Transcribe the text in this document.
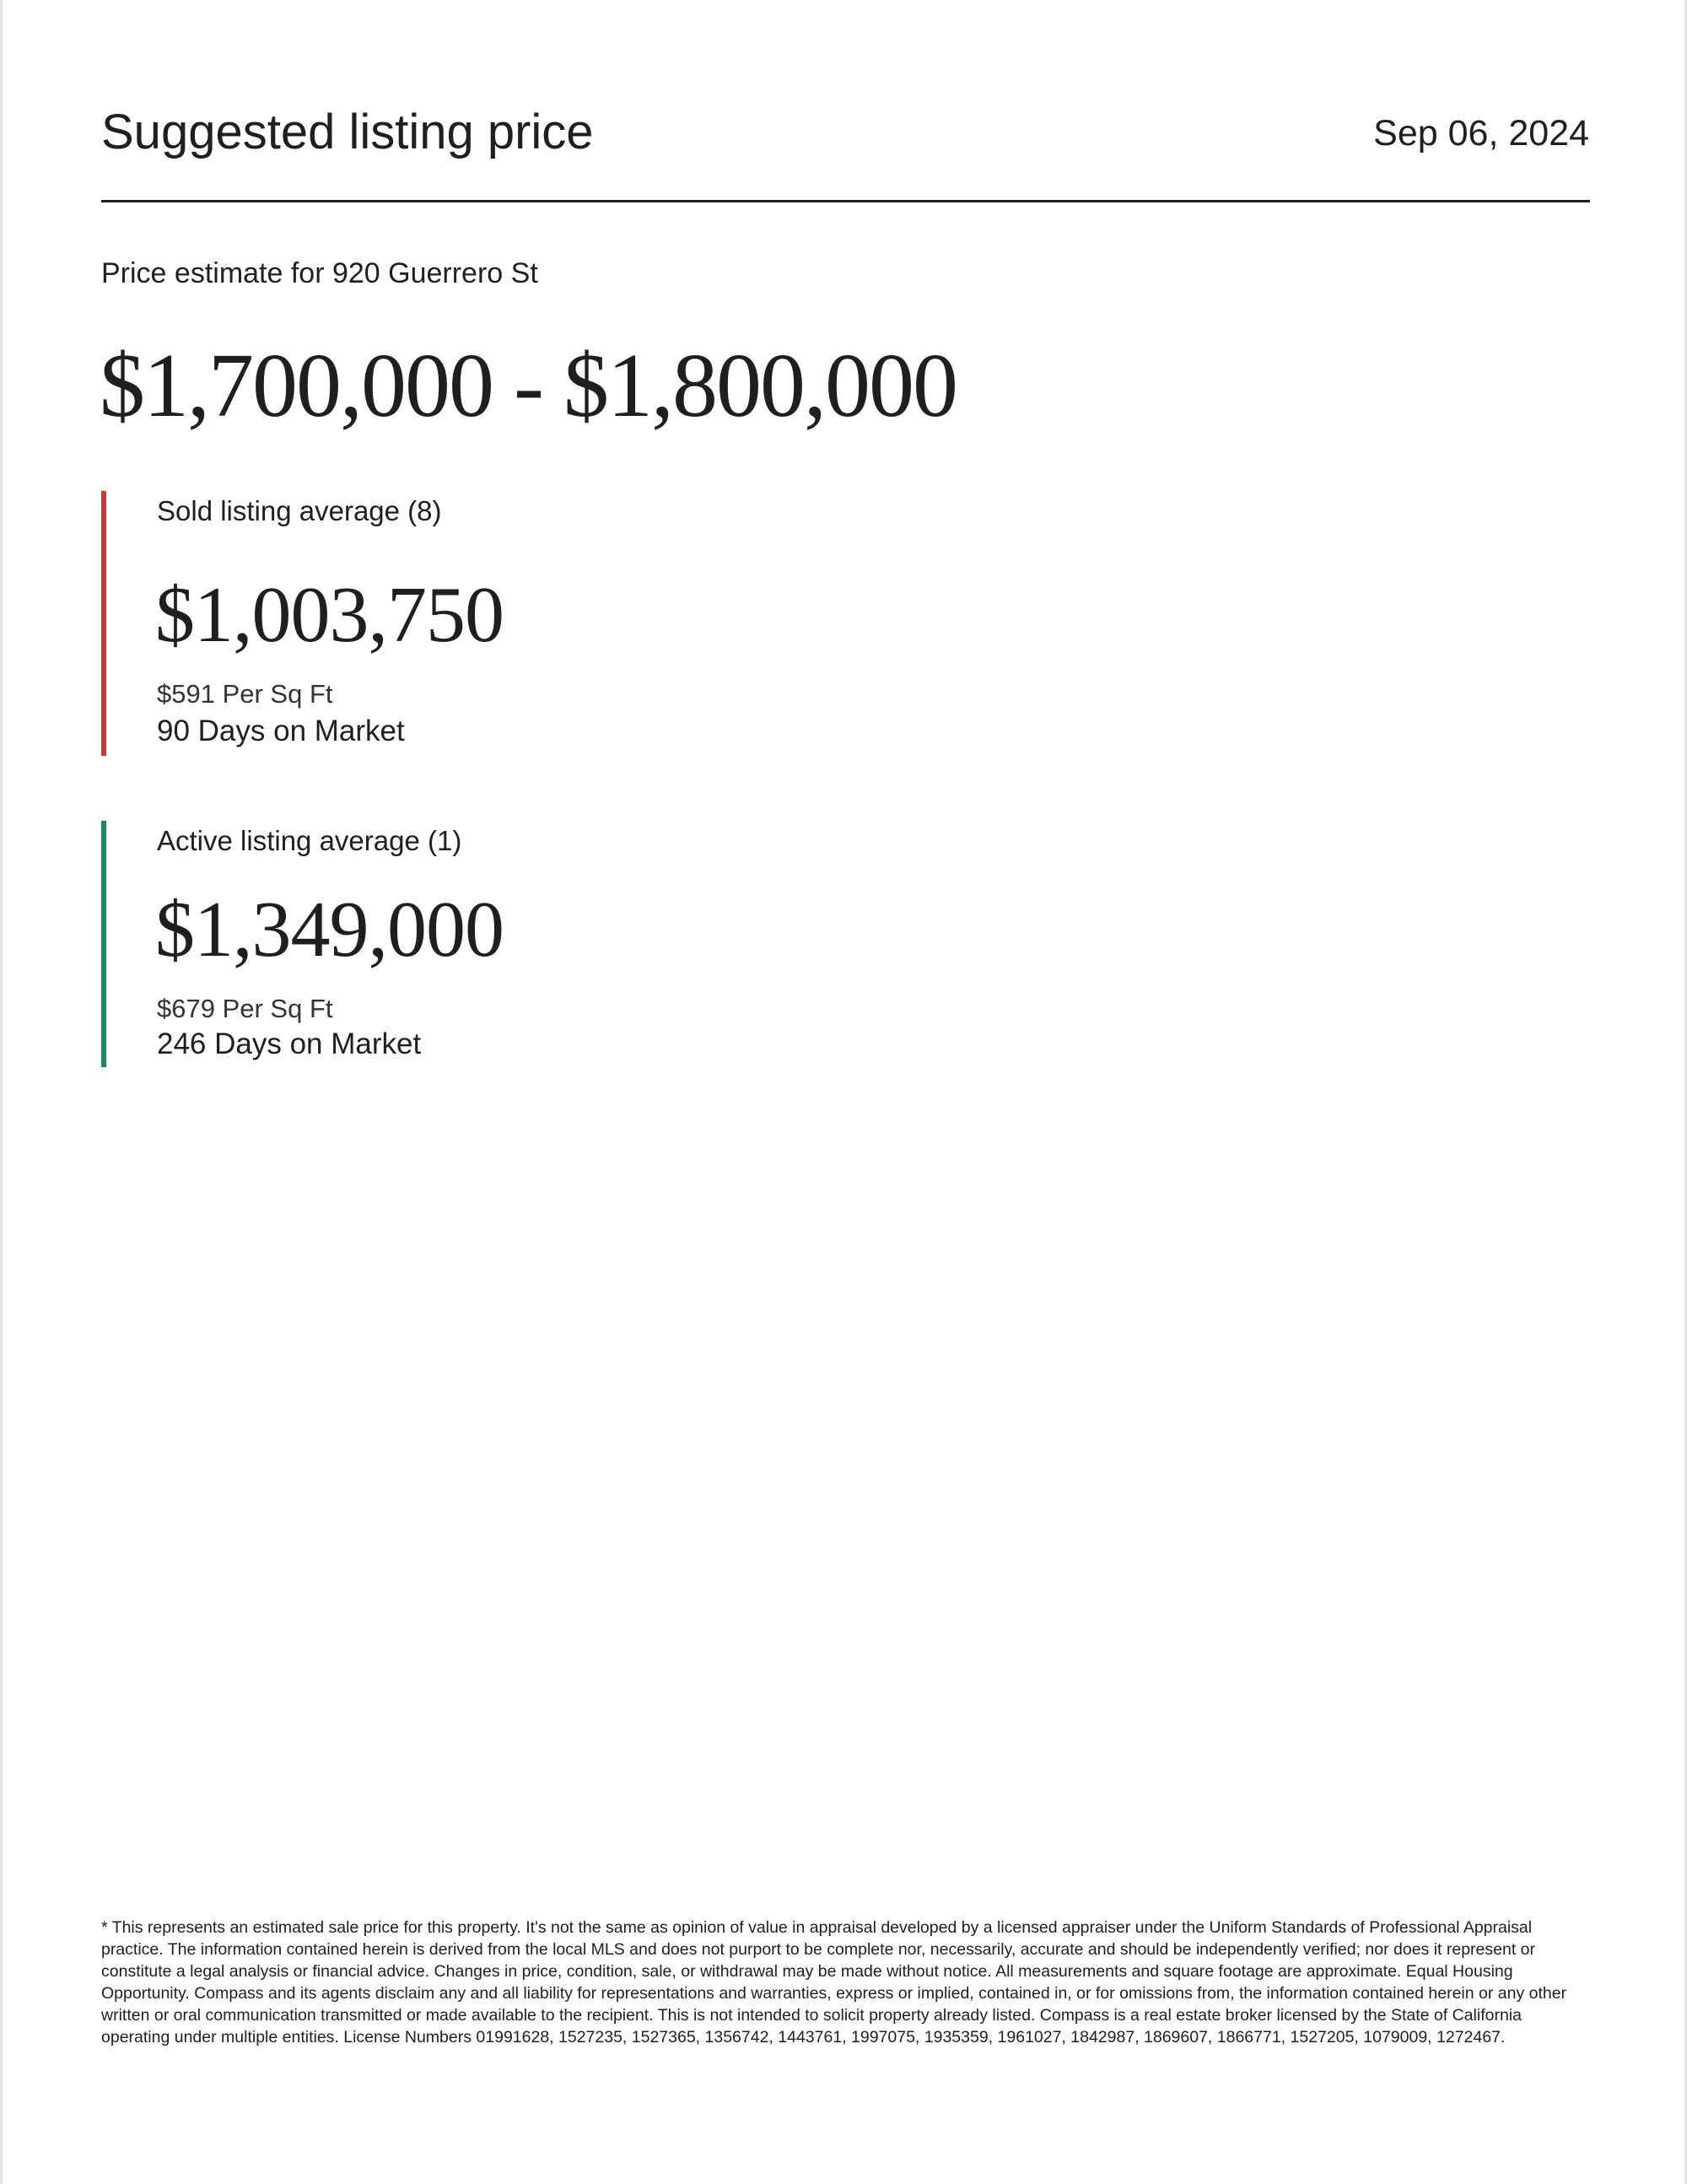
Suggested listing price	Sep 06, 2024
Price estimate for 920 Guerrero St
$1,700,000 - $1,800,000
Sold listing average (8)
$1,003,750
$591 Per Sq Ft
90 Days on Market
Active listing average (1)
$1,349,000
$679 Per Sq Ft
246 Days on Market
* This represents an estimated sale price for this property. It's not the same as opinion of value in appraisal developed by a licensed appraiser under the Uniform Standards of Professional Appraisal practice. The information contained herein is derived from the local MLS and does not purport to be complete nor, necessarily, accurate and should be independently verified; nor does it represent or constitute a legal analysis or financial advice. Changes in price, condition, sale, or withdrawal may be made without notice. All measurements and square footage are approximate. Equal Housing Opportunity. Compass and its agents disclaim any and all liability for representations and warranties, express or implied, contained in, or for omissions from, the information contained herein or any other written or oral communication transmitted or made available to the recipient. This is not intended to solicit property already listed. Compass is a real estate broker licensed by the State of California operating under multiple entities. License Numbers 01991628, 1527235, 1527365, 1356742, 1443761, 1997075, 1935359, 1961027, 1842987, 1869607, 1866771, 1527205, 1079009, 1272467.
